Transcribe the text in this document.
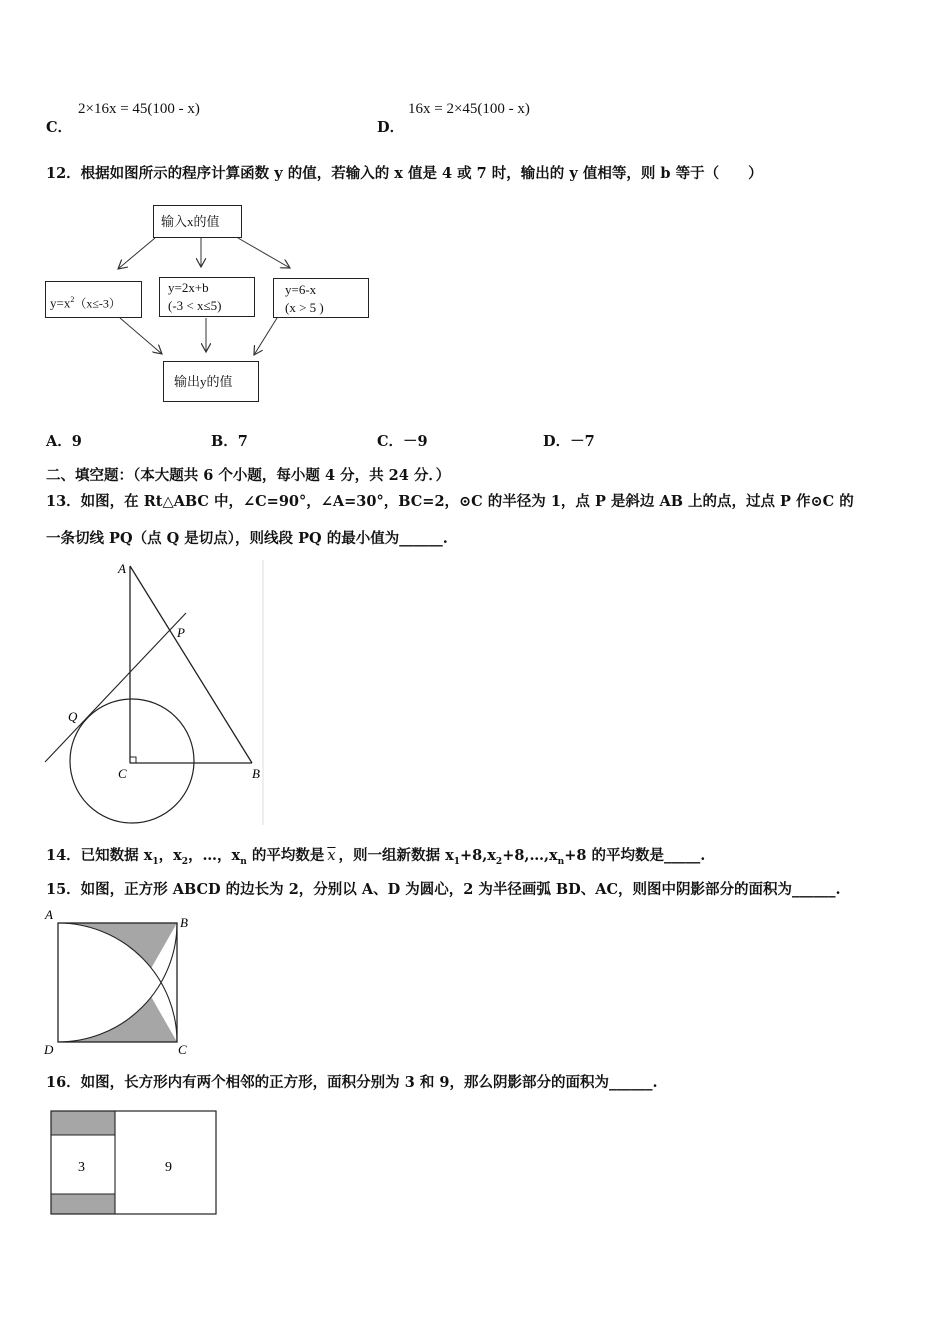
2×16x = 45(100 - x)
C．
16x = 2×45(100 - x)
D．
12．根据如图所示的程序计算函数 y 的值，若输入的 x 值是 4 或 7 时，输出的 y 值相等，则 b 等于（　　）
输入x的值
$y=x^2(x\le-3)$
y=2x+b
(-3 < x≤5)
y=6-x
(x > 5 )
输出y的值
A．9	B．7	C．－9	D．－7
二、填空题：（本大题共 6 个小题，每小题 4 分，共 24 分．）
13．如图，在 Rt△ABC 中，∠C=90°，∠A=30°，BC=2，⊙C 的半径为 1，点 P 是斜边 AB 上的点，过点 P 作⊙C 的
一条切线 PQ（点 Q 是切点），则线段 PQ 的最小值为______.
A
P
Q
C	B
14．已知数据 $x_1$，$x_2$，…，$x_n$ 的平均数是 $\overline{x}$ ，则一组新数据 $x_1+8,x_2+8,\dots,x_n+8$ 的平均数是_____.
15．如图，正方形 ABCD 的边长为 2，分别以 A、D 为圆心，2 为半径画弧 BD、AC，则图中阴影部分的面积为______.
A
B
C
D
16．如图，长方形内有两个相邻的正方形，面积分别为 3 和 9，那么阴影部分的面积为______.
3	9
